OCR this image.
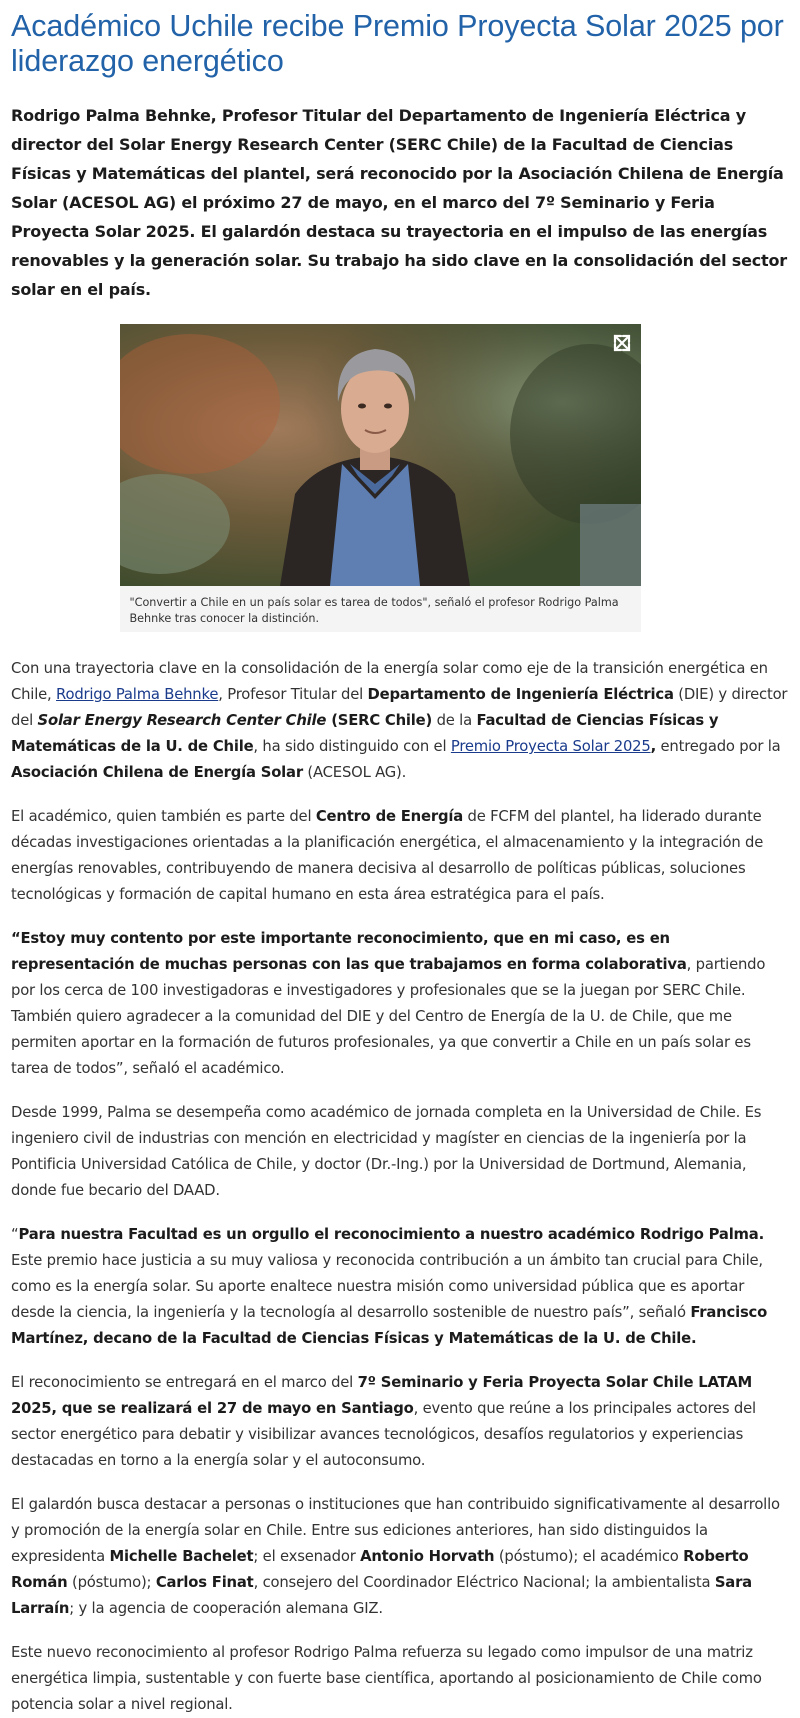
Académico Uchile recibe Premio Proyecta Solar 2025 por liderazgo energético

Rodrigo Palma Behnke, Profesor Titular del Departamento de Ingeniería Eléctrica y director del Solar Energy Research Center (SERC Chile) de la Facultad de Ciencias Físicas y Matemáticas del plantel, será reconocido por la Asociación Chilena de Energía Solar (ACESOL AG) el próximo 27 de mayo, en el marco del 7º Seminario y Feria Proyecta Solar 2025. El galardón destaca su trayectoria en el impulso de las energías renovables y la generación solar. Su trabajo ha sido clave en la consolidación del sector solar en el país.

"Convertir a Chile en un país solar es tarea de todos", señaló el profesor Rodrigo Palma Behnke tras conocer la distinción.

Con una trayectoria clave en la consolidación de la energía solar como eje de la transición energética en Chile, Rodrigo Palma Behnke, Profesor Titular del Departamento de Ingeniería Eléctrica (DIE) y director del Solar Energy Research Center Chile (SERC Chile) de la Facultad de Ciencias Físicas y Matemáticas de la U. de Chile, ha sido distinguido con el Premio Proyecta Solar 2025, entregado por la Asociación Chilena de Energía Solar (ACESOL AG).

El académico, quien también es parte del Centro de Energía de FCFM del plantel, ha liderado durante décadas investigaciones orientadas a la planificación energética, el almacenamiento y la integración de energías renovables, contribuyendo de manera decisiva al desarrollo de políticas públicas, soluciones tecnológicas y formación de capital humano en esta área estratégica para el país.

“Estoy muy contento por este importante reconocimiento, que en mi caso, es en representación de muchas personas con las que trabajamos en forma colaborativa, partiendo por los cerca de 100 investigadoras e investigadores y profesionales que se la juegan por SERC Chile. También quiero agradecer a la comunidad del DIE y del Centro de Energía de la U. de Chile, que me permiten aportar en la formación de futuros profesionales, ya que convertir a Chile en un país solar es tarea de todos”, señaló el académico.

Desde 1999, Palma se desempeña como académico de jornada completa en la Universidad de Chile. Es ingeniero civil de industrias con mención en electricidad y magíster en ciencias de la ingeniería por la Pontificia Universidad Católica de Chile, y doctor (Dr.-Ing.) por la Universidad de Dortmund, Alemania, donde fue becario del DAAD.

“Para nuestra Facultad es un orgullo el reconocimiento a nuestro académico Rodrigo Palma. Este premio hace justicia a su muy valiosa y reconocida contribución a un ámbito tan crucial para Chile, como es la energía solar. Su aporte enaltece nuestra misión como universidad pública que es aportar desde la ciencia, la ingeniería y la tecnología al desarrollo sostenible de nuestro país”, señaló Francisco Martínez, decano de la Facultad de Ciencias Físicas y Matemáticas de la U. de Chile.

El reconocimiento se entregará en el marco del 7º Seminario y Feria Proyecta Solar Chile LATAM 2025, que se realizará el 27 de mayo en Santiago, evento que reúne a los principales actores del sector energético para debatir y visibilizar avances tecnológicos, desafíos regulatorios y experiencias destacadas en torno a la energía solar y el autoconsumo.

El galardón busca destacar a personas o instituciones que han contribuido significativamente al desarrollo y promoción de la energía solar en Chile. Entre sus ediciones anteriores, han sido distinguidos la expresidenta Michelle Bachelet; el exsenador Antonio Horvath (póstumo); el académico Roberto Román (póstumo); Carlos Finat, consejero del Coordinador Eléctrico Nacional; la ambientalista Sara Larraín; y la agencia de cooperación alemana GIZ.

Este nuevo reconocimiento al profesor Rodrigo Palma refuerza su legado como impulsor de una matriz energética limpia, sustentable y con fuerte base científica, aportando al posicionamiento de Chile como potencia solar a nivel regional.
